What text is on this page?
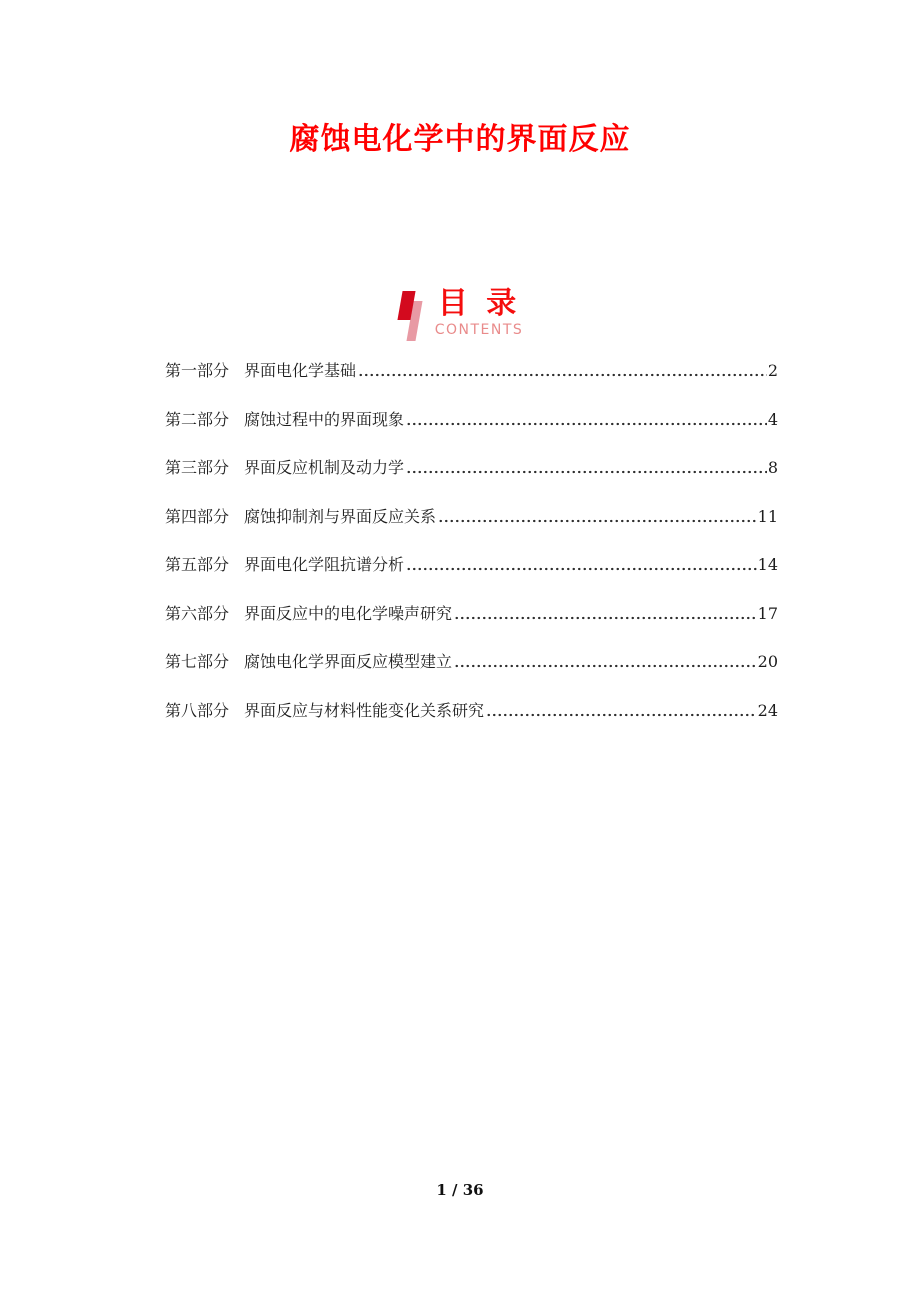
腐蚀电化学中的界面反应
目 录
CONTENTS
第一部分 界面电化学基础	2
第二部分 腐蚀过程中的界面现象	4
第三部分 界面反应机制及动力学	8
第四部分 腐蚀抑制剂与界面反应关系	11
第五部分 界面电化学阻抗谱分析	14
第六部分 界面反应中的电化学噪声研究	17
第七部分 腐蚀电化学界面反应模型建立	20
第八部分 界面反应与材料性能变化关系研究	24
1 / 36
